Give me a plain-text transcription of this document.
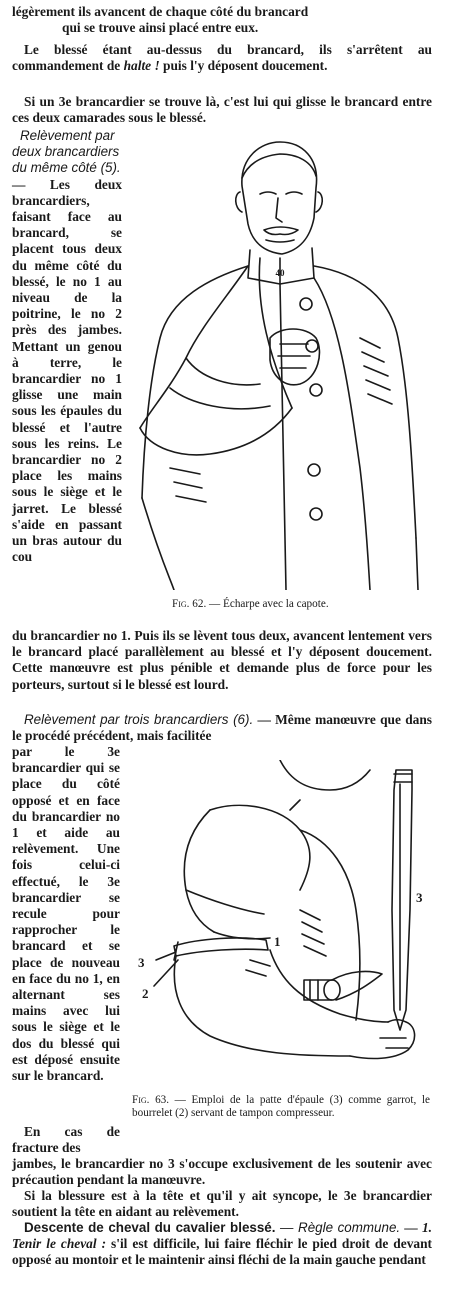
légèrement ils avancent de chaque côté du brancard
qui se trouve ainsi placé entre eux.
Le blessé étant au-dessus du brancard, ils s'arrêtent au commandement de halte ! puis l'y déposent doucement.
Si un 3e brancardier se trouve là, c'est lui qui glisse le brancard entre ces deux camarades sous le blessé.
Relèvement par deux brancardiers du même côté (5).
— Les deux brancardiers, faisant face au brancard, se placent tous deux du même côté du blessé, le no 1 au niveau de la poitrine, le no 2 près des jambes. Mettant un genou à terre, le brancardier no 1 glisse une main sous les épaules du blessé et l'autre sous les reins. Le brancardier no 2 place les mains sous le siège et le jarret. Le blessé s'aide en passant un bras autour du cou
40
Fig. 62. — Écharpe avec la capote.
du brancardier no 1. Puis ils se lèvent tous deux, avancent lentement vers le brancard placé parallèlement au blessé et l'y déposent doucement. Cette manœuvre est plus pénible et demande plus de force pour les porteurs, surtout si le blessé est lourd.
Relèvement par trois brancardiers (6). — Même manœuvre que dans le procédé précédent, mais facilitée
par le 3e brancardier qui se place du côté opposé et en face du brancardier no 1 et aide au relèvement. Une fois celui-ci effectué, le 3e brancardier se recule pour rapprocher le brancard et se place de nouveau en face du no 1, en alternant ses mains avec lui sous le siège et le dos du blessé qui est déposé ensuite sur le brancard.
1
2
3
3
Fig. 63. — Emploi de la patte d'épaule (3) comme garrot, le bourrelet (2) servant de tampon compresseur.
En cas de fracture des
jambes, le brancardier no 3 s'occupe exclusivement de les soutenir avec précaution pendant la manœuvre.
Si la blessure est à la tête et qu'il y ait syncope, le 3e brancardier soutient la tête en aidant au relèvement.
Descente de cheval du cavalier blessé. — Règle commune. — 1. Tenir le cheval : s'il est difficile, lui faire fléchir le pied droit de devant opposé au montoir et le maintenir ainsi fléchi de la main gauche pendant
